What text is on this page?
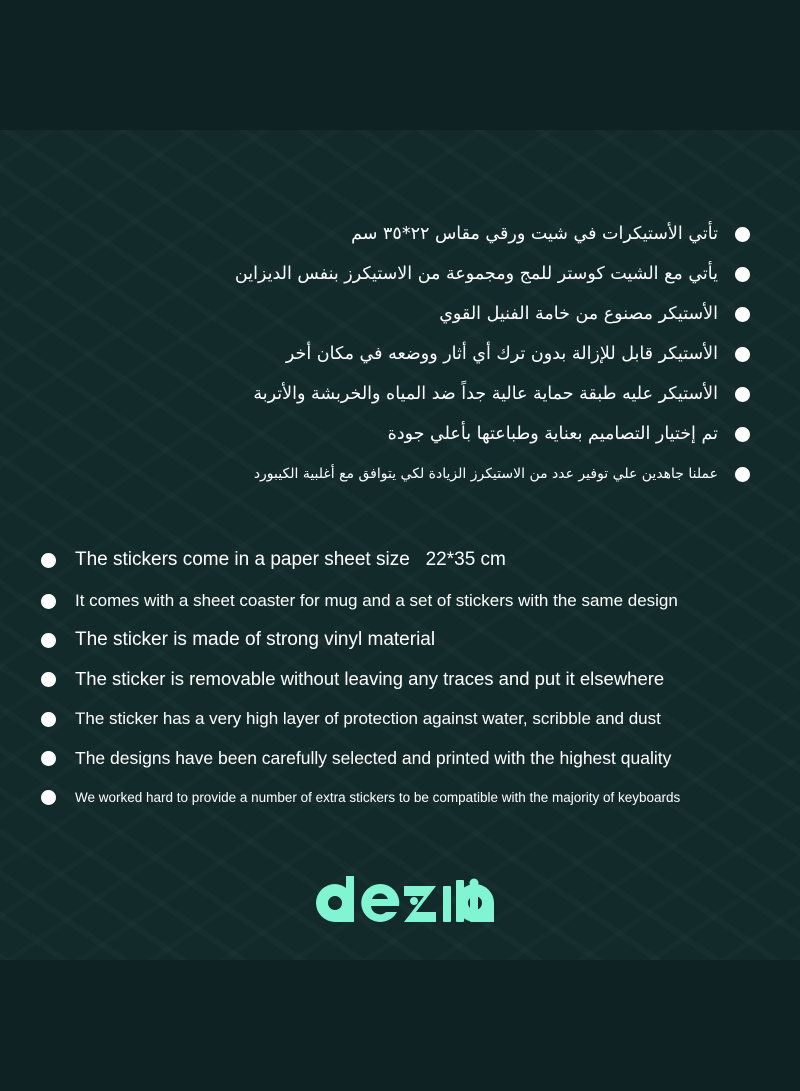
تأتي الأستيكرات في شيت ورقي مقاس ٢٢*٣٥ سم
يأتي مع الشيت كوستر للمج ومجموعة من الاستيكرز بنفس الديزاين
الأستيكر مصنوع من خامة الفنيل القوي
الأستيكر قابل للإزالة بدون ترك أي أثار ووضعه في مكان أخر
الأستيكر عليه طبقة حماية عالية جداً ضد المياه والخربشة والأتربة
تم إختيار التصاميم بعناية وطباعتها بأعلي جودة
عملنا جاهدين علي توفير عدد من الاستيكرز الزيادة لكي يتوافق مع أغلبية الكيبورد
The stickers come in a paper sheet size   22*35 cm
It comes with a sheet coaster for mug and a set of stickers with the same design
The sticker is made of strong vinyl material
The sticker is removable without leaving any traces and put it elsewhere
The sticker has a very high layer of protection against water, scribble and dust
The designs have been carefully selected and printed with the highest quality
We worked hard to provide a number of extra stickers to be compatible with the majority of keyboards
